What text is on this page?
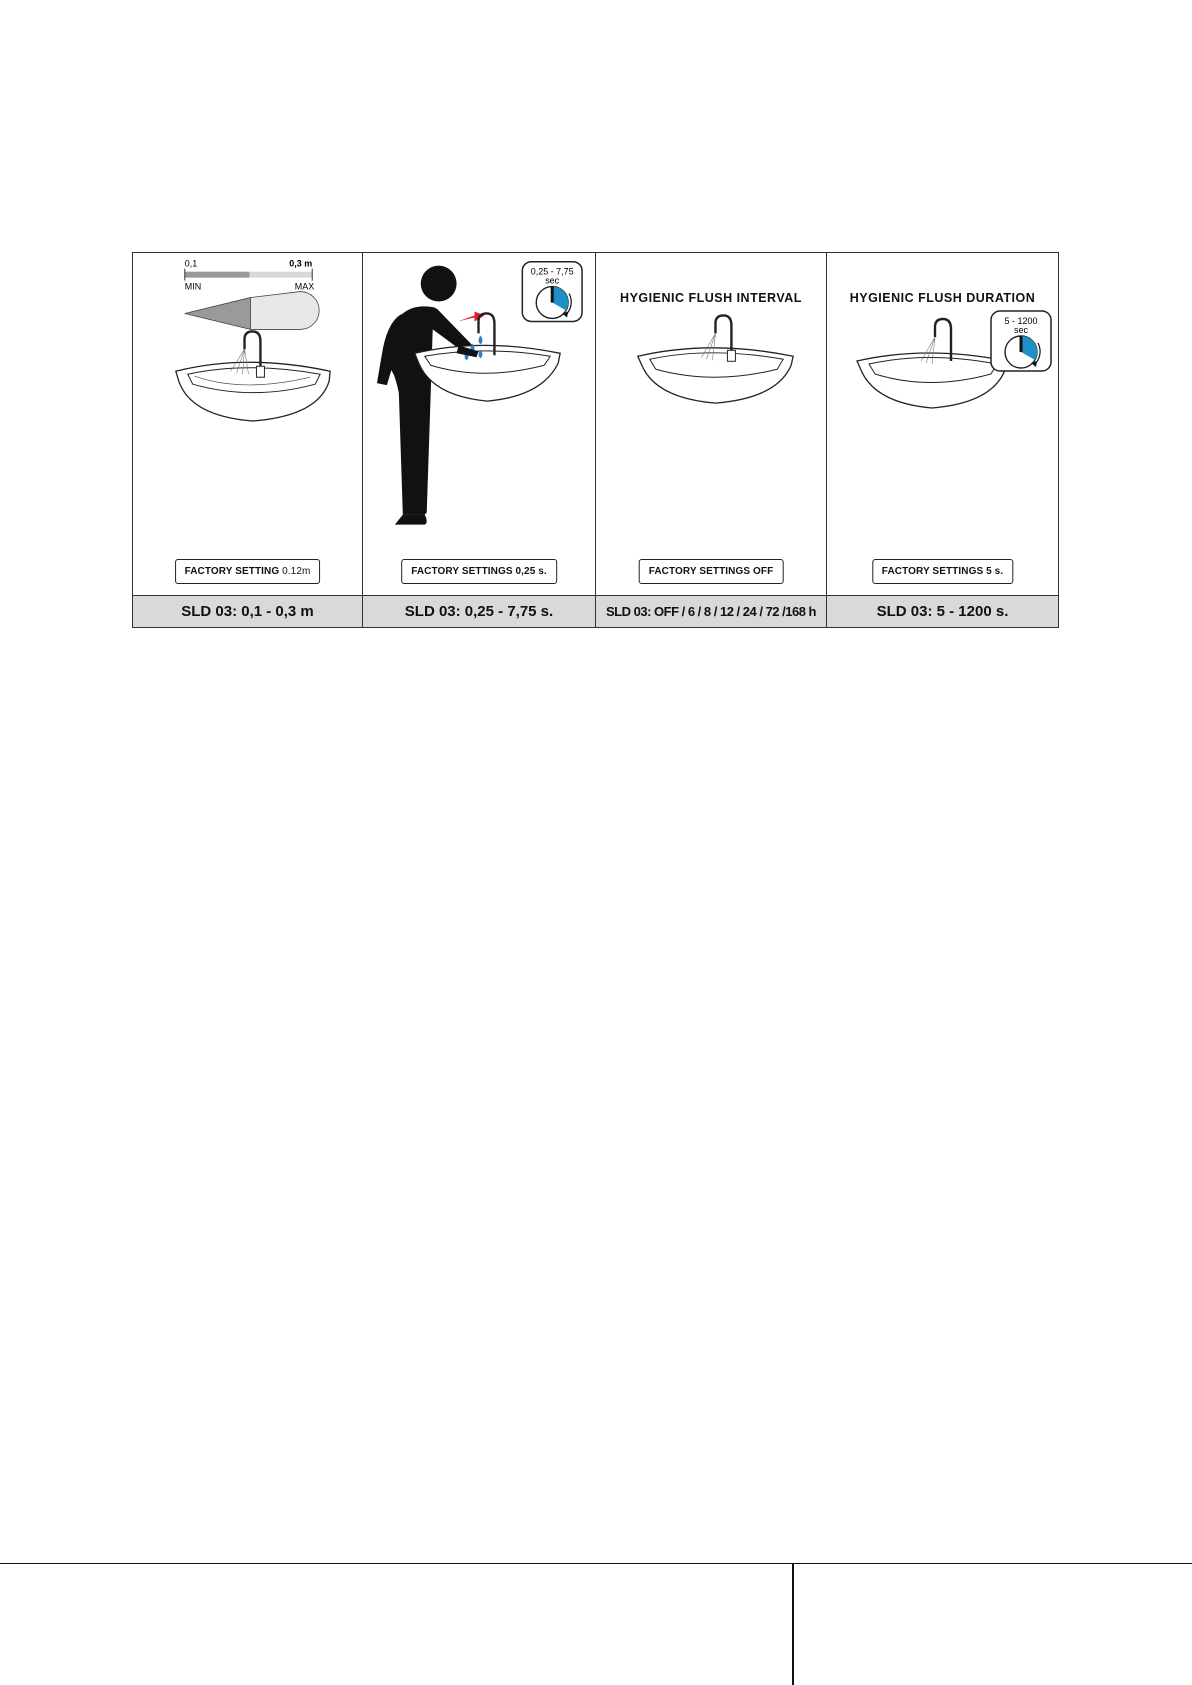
0,1	0,3 m
MIN	MAX
FACTORY SETTING 0.12m
SLD 03: 0,1 - 0,3 m
0,25 - 7,75
sec
FACTORY SETTINGS 0,25 s.
SLD 03: 0,25 - 7,75 s.
HYGIENIC FLUSH INTERVAL
FACTORY SETTINGS OFF
SLD 03: OFF / 6 / 8 / 12 / 24 / 72 /168 h
HYGIENIC FLUSH DURATION
5 - 1200
sec
FACTORY SETTINGS 5 s.
SLD 03: 5 - 1200 s.
